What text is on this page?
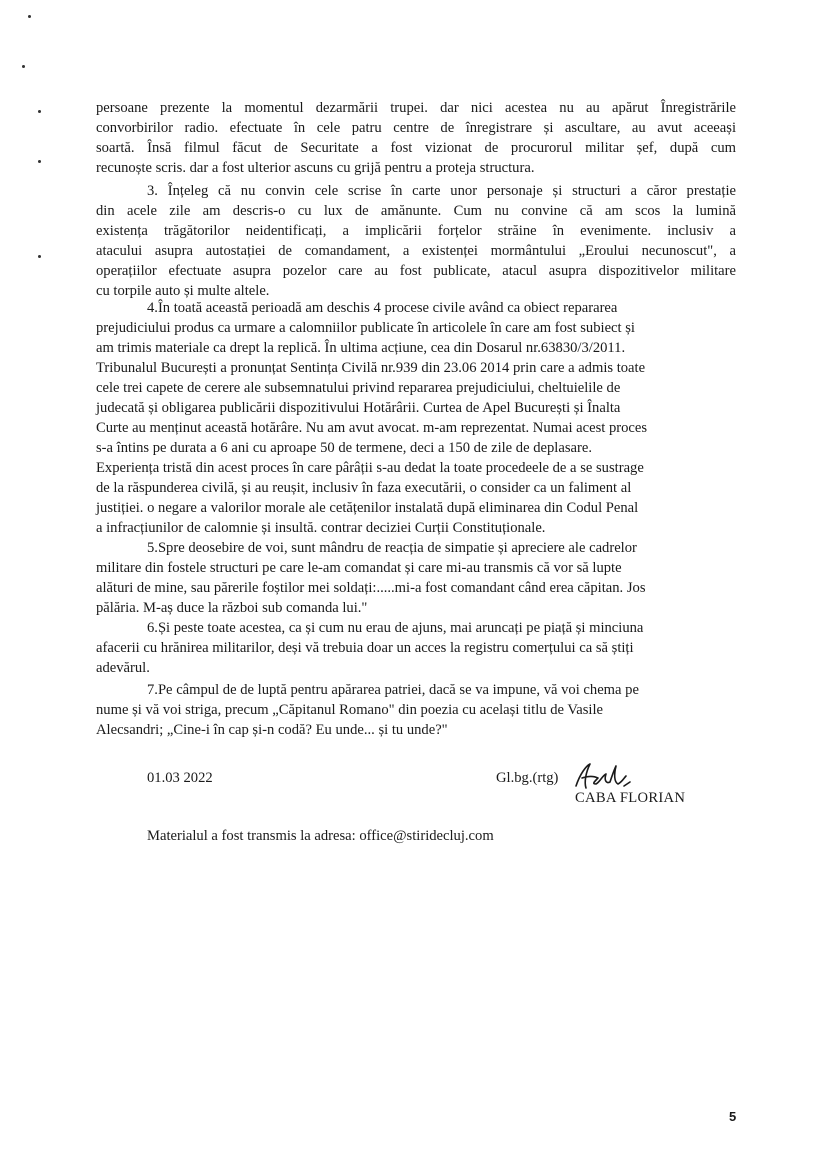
persoane prezente la momentul dezarmării trupei. dar nici acestea nu au apărut Înregistrările
convorbirilor radio. efectuate în cele patru centre de înregistrare și ascultare, au avut aceeași
soartă. Însă filmul făcut de Securitate a fost vizionat de procurorul militar șef, după cum
recunoște scris. dar a fost ulterior ascuns cu grijă pentru a proteja structura.
3. Înțeleg că nu convin cele scrise în carte unor personaje și structuri a căror prestație
din acele zile am descris-o cu lux de amănunte. Cum nu convine că am scos la lumină
existența trăgătorilor neidentificați, a implicării forțelor străine în evenimente. inclusiv a
atacului asupra autostației de comandament, a existenței mormântului „Eroului necunoscut", a
operațiilor efectuate asupra pozelor care au fost publicate, atacul asupra dispozitivelor militare
cu torpile auto și multe altele.
4.În toată această perioadă am deschis 4 procese civile având ca obiect repararea
prejudiciului produs ca urmare a calomniilor publicate în articolele în care am fost subiect și
am trimis materiale ca drept la replică. În ultima acțiune, cea din Dosarul nr.63830/3/2011.
Tribunalul București a pronunțat Sentința Civilă nr.939 din 23.06 2014 prin care a admis toate
cele trei capete de cerere ale subsemnatului privind repararea prejudiciului, cheltuielile de
judecată și obligarea publicării dispozitivului Hotărârii. Curtea de Apel București și Înalta
Curte au menținut această hotărâre. Nu am avut avocat. m-am reprezentat. Numai acest proces
s-a întins pe durata a 6 ani cu aproape 50 de termene, deci a 150 de zile de deplasare.
Experiența tristă din acest proces în care pârâții s-au dedat la toate procedeele de a se sustrage
de la răspunderea civilă, și au reușit, inclusiv în faza executării, o consider ca un faliment al
justiției. o negare a valorilor morale ale cetățenilor instalată după eliminarea din Codul Penal
a infracțiunilor de calomnie și insultă. contrar deciziei Curții Constituționale.
5.Spre deosebire de voi, sunt mândru de reacția de simpatie și apreciere ale cadrelor
militare din fostele structuri pe care le-am comandat și care mi-au transmis că vor să lupte
alături de mine, sau părerile foștilor mei soldați:.....mi-a fost comandant când erea căpitan. Jos
pălăria. M-aș duce la război sub comanda lui."
6.Și peste toate acestea, ca și cum nu erau de ajuns, mai aruncați pe piață și minciuna
afacerii cu hrănirea militarilor, deși vă trebuia doar un acces la registru comerțului ca să știți
adevărul.
7.Pe câmpul de de luptă pentru apărarea patriei, dacă se va impune, vă voi chema pe
nume și vă voi striga, precum „Căpitanul Romano" din poezia cu același titlu de Vasile
Alecsandri; „Cine-i în cap și-n codă? Eu unde... și tu unde?"
01.03 2022	Gl.bg.(rtg)
CABA FLORIAN
Materialul a fost transmis la adresa: office@stiridecluj.com
5
